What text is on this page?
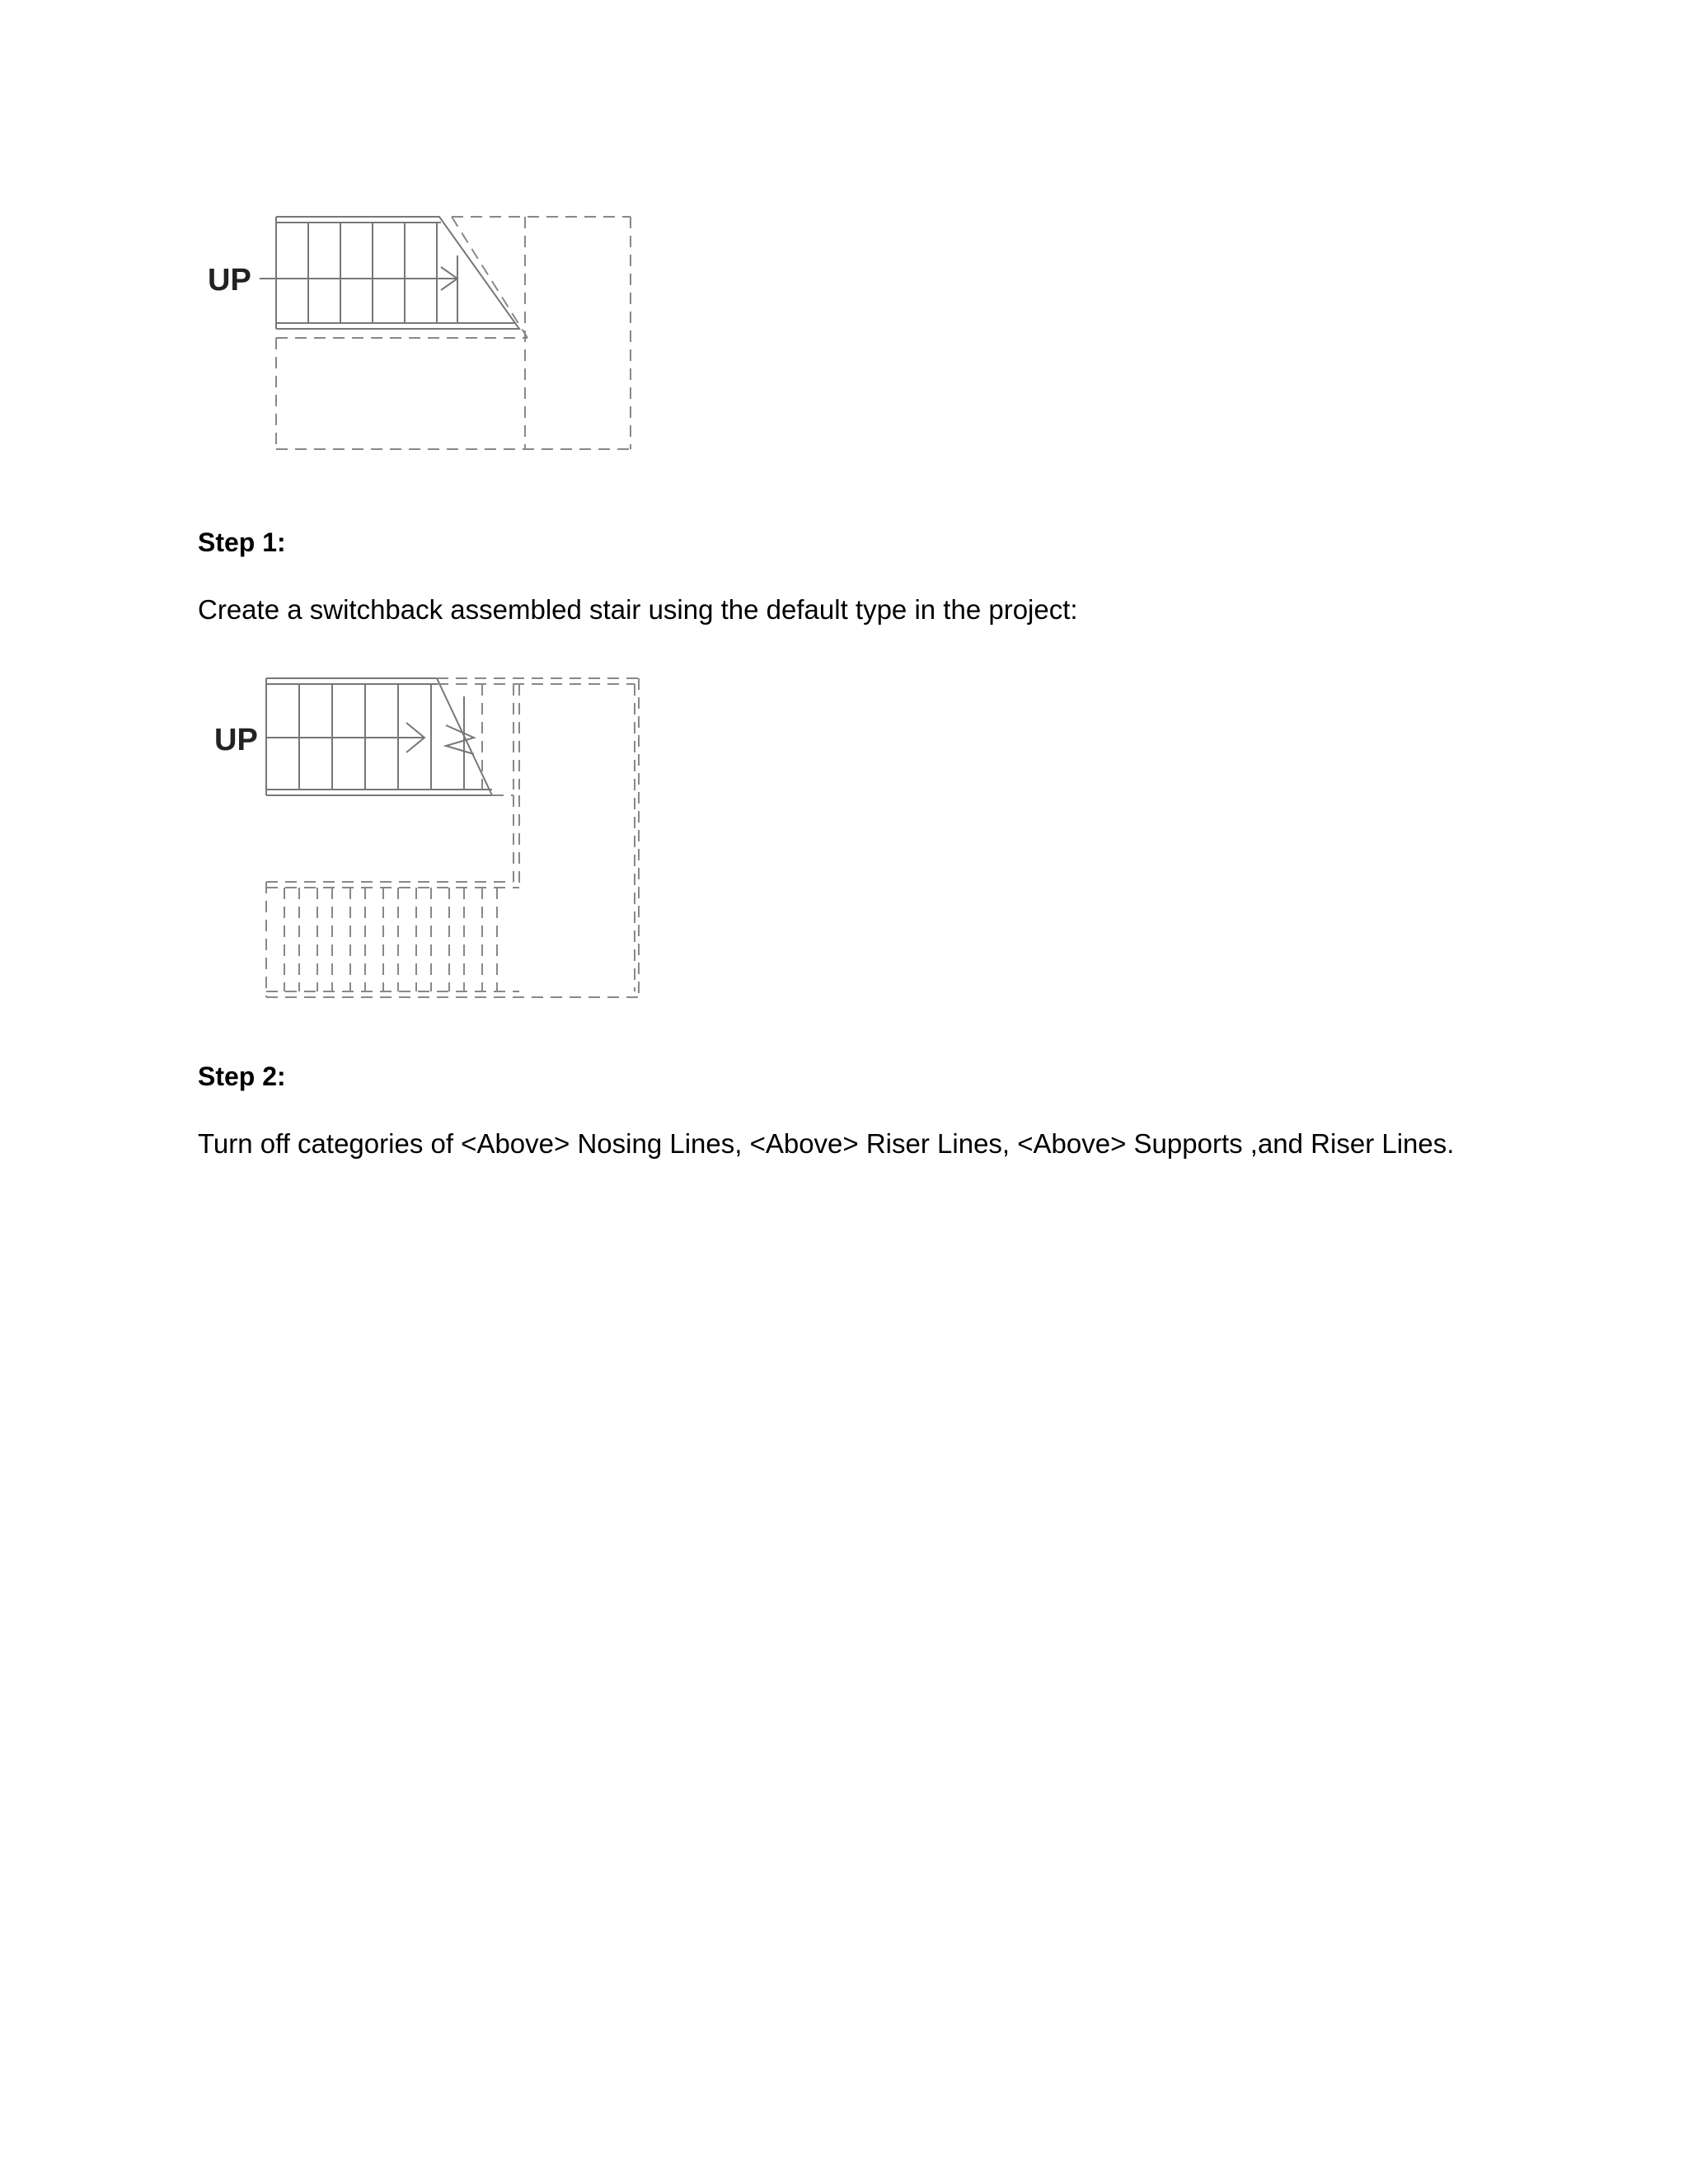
UP

Step 1:

Create a switchback assembled stair using the default type in the project:

UP

Step 2:

Turn off categories of <Above> Nosing Lines, <Above> Riser Lines, <Above> Supports ,and Riser Lines.
